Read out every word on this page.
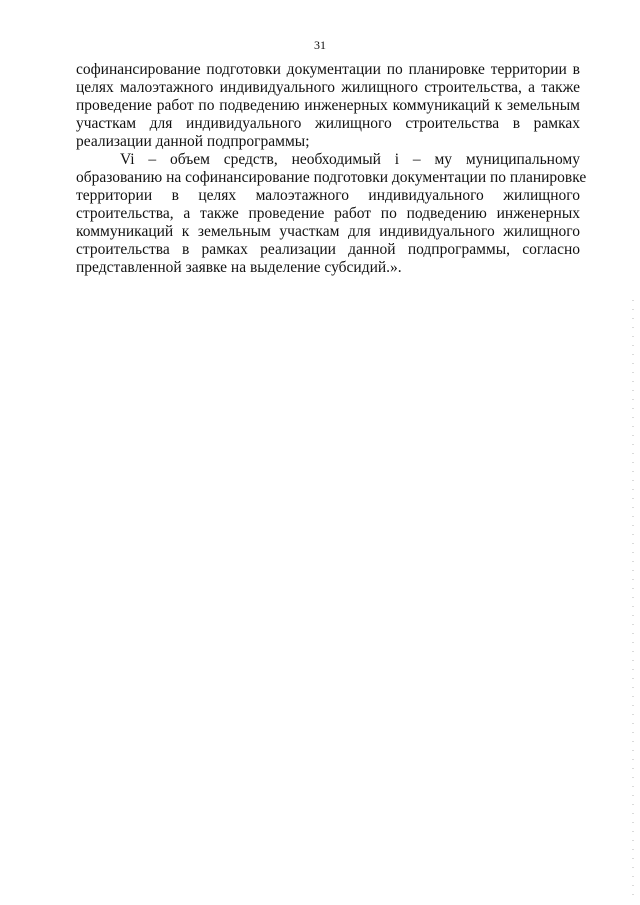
31
софинансирование подготовки документации по планировке территории в
целях малоэтажного индивидуального жилищного строительства, а также
проведение работ по подведению инженерных коммуникаций к земельным
участкам для индивидуального жилищного строительства в рамках
реализации данной подпрограммы;
Vi – объем средств, необходимый i – му муниципальному
образованию на софинансирование подготовки документации по планировке
территории в целях малоэтажного индивидуального жилищного
строительства, а также проведение работ по подведению инженерных
коммуникаций к земельным участкам для индивидуального жилищного
строительства в рамках реализации данной подпрограммы, согласно
представленной заявке на выделение субсидий.».
